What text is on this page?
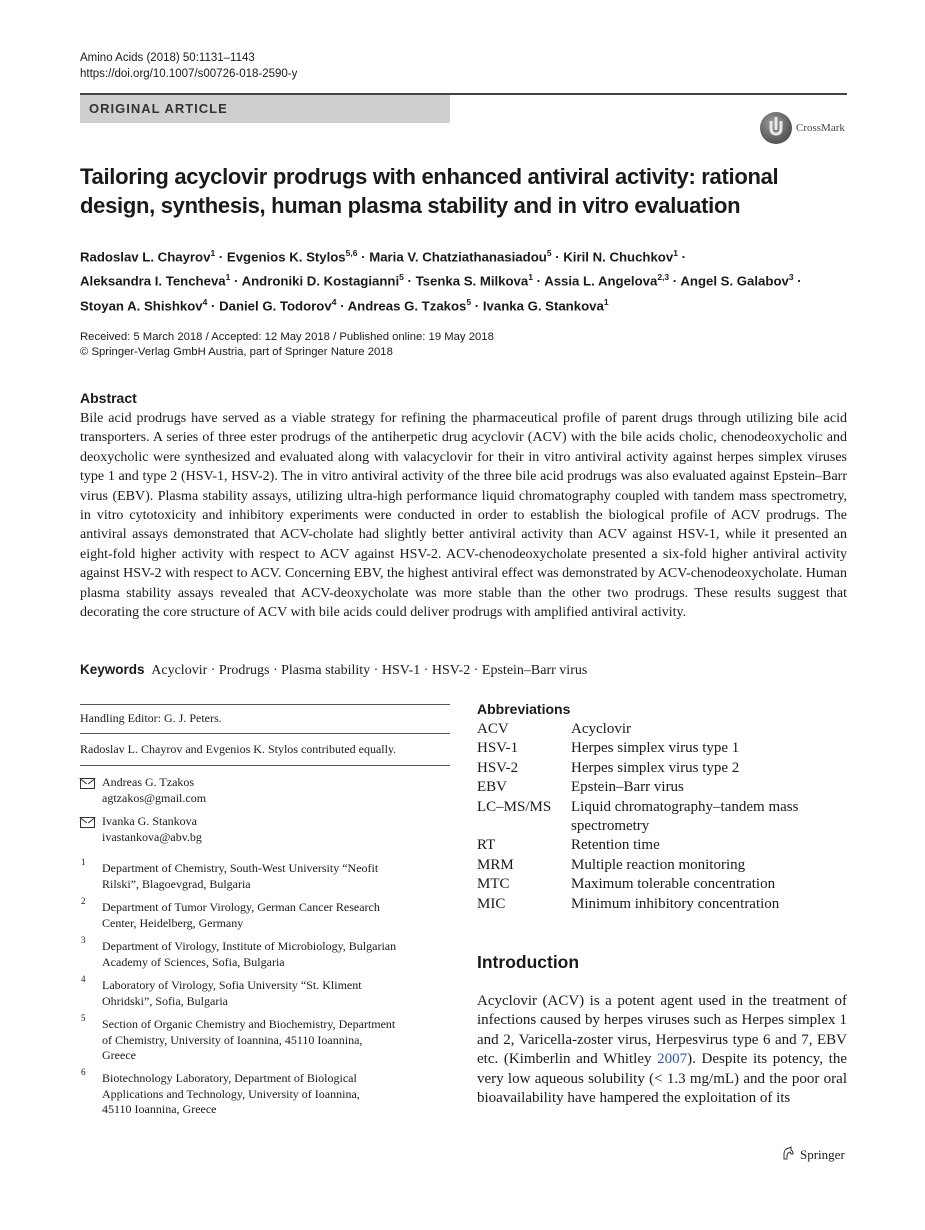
Amino Acids (2018) 50:1131–1143
https://doi.org/10.1007/s00726-018-2590-y
ORIGINAL ARTICLE
CrossMark
Tailoring acyclovir prodrugs with enhanced antiviral activity: rational
design, synthesis, human plasma stability and in vitro evaluation
Radoslav L. Chayrov$^1$ · Evgenios K. Stylos$^{5,6}$ · Maria V. Chatziathanasiadou$^5$ · Kiril N. Chuchkov$^1$ ·
Aleksandra I. Tencheva$^1$ · Androniki D. Kostagianni$^5$ · Tsenka S. Milkova$^1$ · Assia L. Angelova$^{2,3}$ · Angel S. Galabov$^3$ ·
Stoyan A. Shishkov$^4$ · Daniel G. Todorov$^4$ · Andreas G. Tzakos$^5$ · Ivanka G. Stankova$^1$
Received: 5 March 2018 / Accepted: 12 May 2018 / Published online: 19 May 2018
© Springer-Verlag GmbH Austria, part of Springer Nature 2018
Abstract
Bile acid prodrugs have served as a viable strategy for refining the pharmaceutical profile of parent drugs through utilizing bile acid transporters. A series of three ester prodrugs of the antiherpetic drug acyclovir (ACV) with the bile acids cholic, chenodeoxycholic and deoxycholic were synthesized and evaluated along with valacyclovir for their in vitro antiviral activity against herpes simplex viruses type 1 and type 2 (HSV-1, HSV-2). The in vitro antiviral activity of the three bile acid prodrugs was also evaluated against Epstein–Barr virus (EBV). Plasma stability assays, utilizing ultra-high performance liquid chromatography coupled with tandem mass spectrometry, in vitro cytotoxicity and inhibitory experiments were conducted in order to establish the biological profile of ACV prodrugs. The antiviral assays demonstrated that ACV-cholate had slightly better antiviral activity than ACV against HSV-1, while it presented an eight-fold higher activity with respect to ACV against HSV-2. ACV-chenodeoxycholate presented a six-fold higher antiviral activity against HSV-2 with respect to ACV. Concerning EBV, the highest antiviral effect was demonstrated by ACV-chenodeoxycholate. Human plasma stability assays revealed that ACV-deoxycholate was more stable than the other two prodrugs. These results suggest that decorating the core structure of ACV with bile acids could deliver prodrugs with amplified antiviral activity.
Keywords Acyclovir · Prodrugs · Plasma stability · HSV-1 · HSV-2 · Epstein–Barr virus
Handling Editor: G. J. Peters.
Radoslav L. Chayrov and Evgenios K. Stylos contributed equally.
Andreas G. Tzakos
agtzakos@gmail.com
Ivanka G. Stankova
ivastankova@abv.bg
1 Department of Chemistry, South-West University “Neofit
Rilski”, Blagoevgrad, Bulgaria
2 Department of Tumor Virology, German Cancer Research
Center, Heidelberg, Germany
3 Department of Virology, Institute of Microbiology, Bulgarian
Academy of Sciences, Sofia, Bulgaria
4 Laboratory of Virology, Sofia University “St. Kliment
Ohridski”, Sofia, Bulgaria
5 Section of Organic Chemistry and Biochemistry, Department
of Chemistry, University of Ioannina, 45110 Ioannina,
Greece
6 Biotechnology Laboratory, Department of Biological
Applications and Technology, University of Ioannina,
45110 Ioannina, Greece
Abbreviations
ACV	Acyclovir
HSV-1	Herpes simplex virus type 1
HSV-2	Herpes simplex virus type 2
EBV	Epstein–Barr virus
LC–MS/MS Liquid chromatography–tandem mass
spectrometry
RT	Retention time
MRM	Multiple reaction monitoring
MTC	Maximum tolerable concentration
MIC	Minimum inhibitory concentration
Introduction
Acyclovir (ACV) is a potent agent used in the treatment of infections caused by herpes viruses such as Herpes simplex 1 and 2, Varicella-zoster virus, Herpesvirus type 6 and 7, EBV etc. (Kimberlin and Whitley 2007). Despite its potency, the very low aqueous solubility (< 1.3 mg/mL) and the poor oral bioavailability have hampered the exploitation of its
Springer
